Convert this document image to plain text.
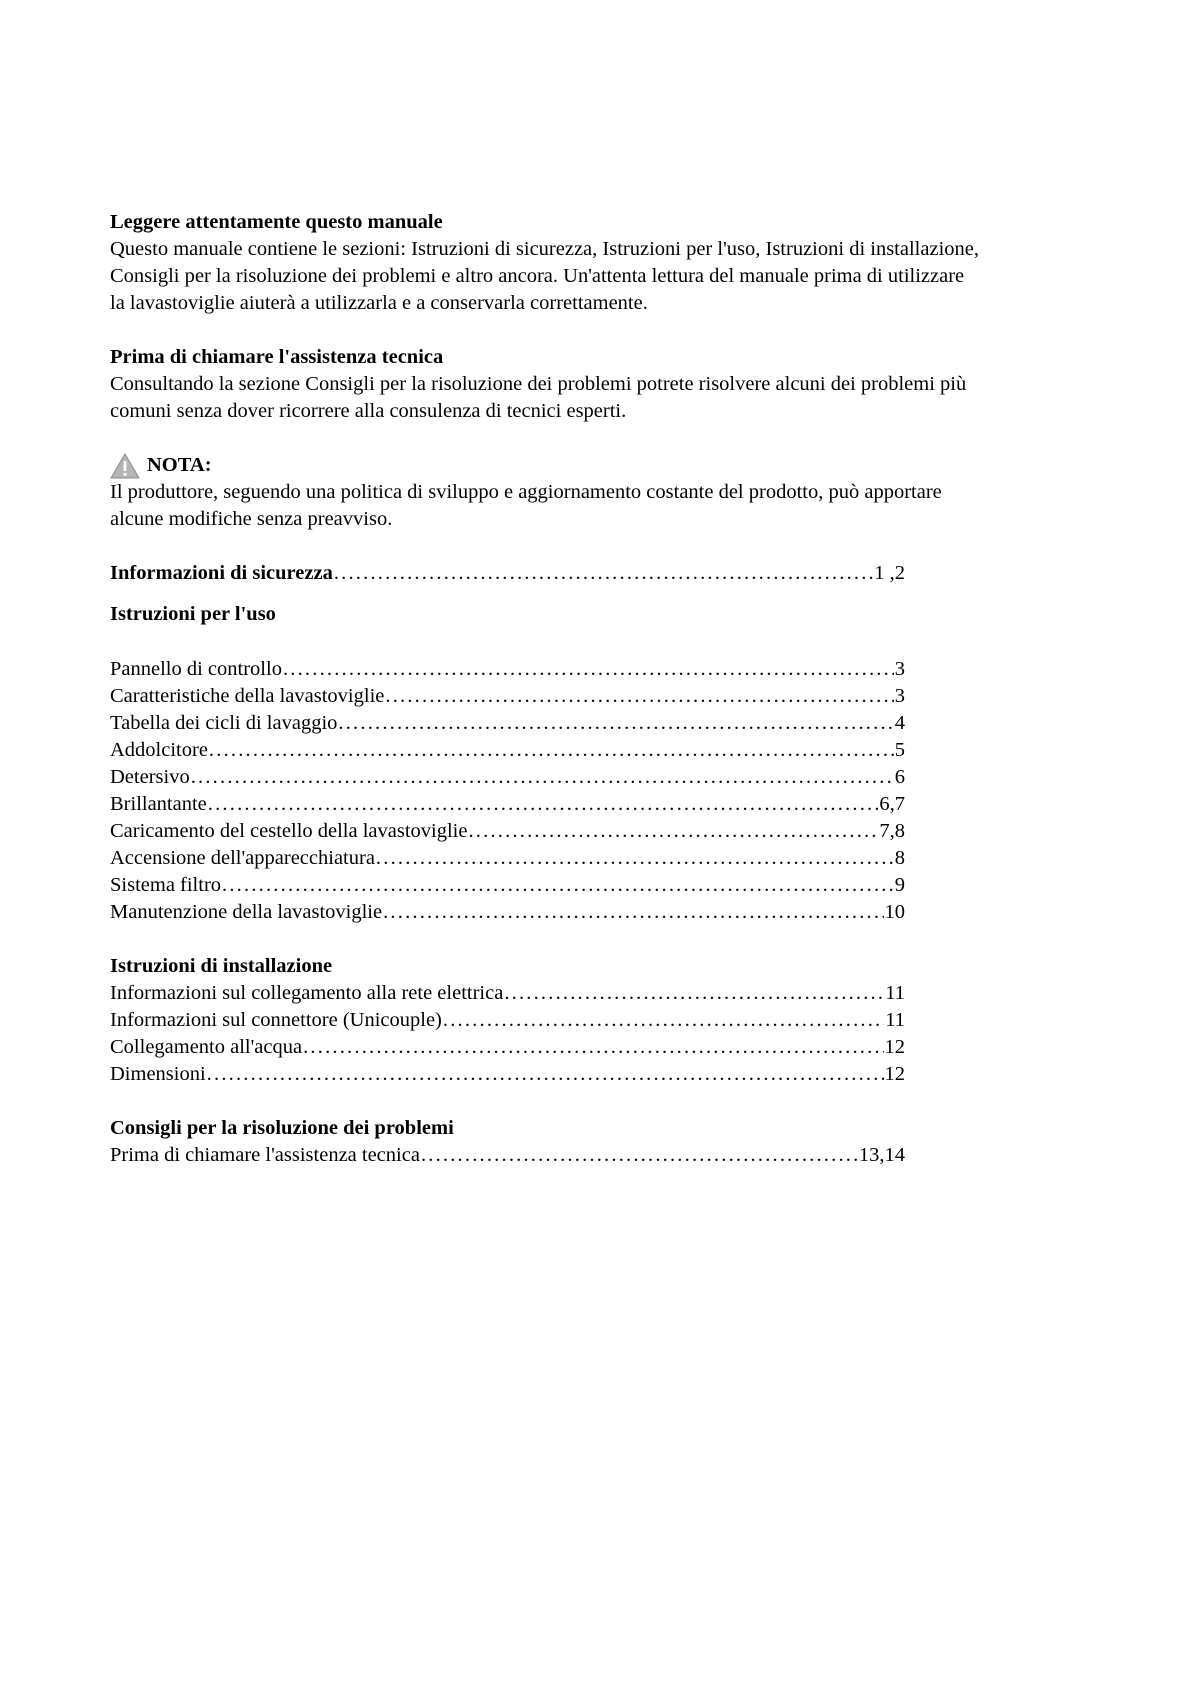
Leggere attentamente questo manuale

Questo manuale contiene le sezioni: Istruzioni di sicurezza, Istruzioni per l'uso, Istruzioni di installazione,

Consigli per la risoluzione dei problemi e altro ancora. Un'attenta lettura del manuale prima di utilizzare

la lavastoviglie aiuterà a utilizzarla e a conservarla correttamente.

Prima di chiamare l'assistenza tecnica

Consultando la sezione Consigli per la risoluzione dei problemi potrete risolvere alcuni dei problemi più

comuni senza dover ricorrere alla consulenza di tecnici esperti.

NOTA:

Il produttore, seguendo una politica di sviluppo e aggiornamento costante del prodotto, può apportare

alcune modifiche senza preavviso.

Informazioni di sicurezza .....	1 ,2
Istruzioni per l'uso
Pannello di controllo .....	3
Caratteristiche della lavastoviglie .....	3
Tabella dei cicli di lavaggio .....	4
Addolcitore .....	5
Detersivo .....	6
Brillantante .....	6,7
Caricamento del cestello della lavastoviglie .....	7,8
Accensione dell'apparecchiatura .....	8
Sistema filtro .....	9
Manutenzione della lavastoviglie .....	10
Istruzioni di installazione
Informazioni sul collegamento alla rete elettrica .....	11
Informazioni sul connettore (Unicouple) .....	11
Collegamento all'acqua .....	12
Dimensioni .....	12
Consigli per la risoluzione dei problemi
Prima di chiamare l'assistenza tecnica .....	13,14
